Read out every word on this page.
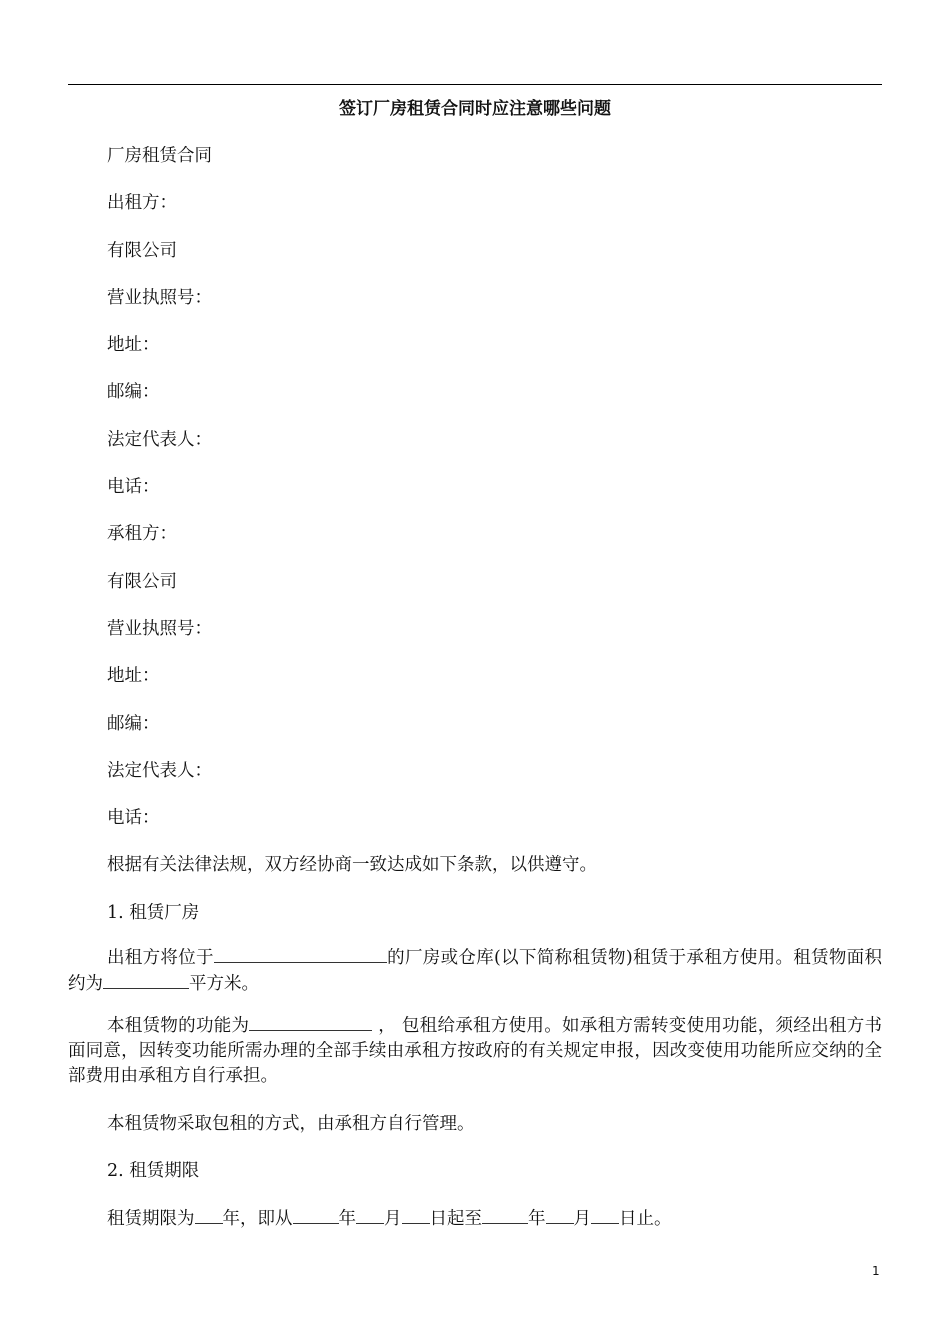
签订厂房租赁合同时应注意哪些问题

厂房租赁合同

出租方：

有限公司

营业执照号：

地址：

邮编：

法定代表人：

电话：

承租方：

有限公司

营业执照号：

地址：

邮编：

法定代表人：

电话：

根据有关法律法规，双方经协商一致达成如下条款，以供遵守。

1. 租赁厂房

出租方将位于	的厂房或仓库(以下简称租赁物)租赁于承租方使用。租赁物面积约为	平方米。

本租赁物的功能为	， 包租给承租方使用。如承租方需转变使用功能，须经出租方书面同意，因转变功能所需办理的全部手续由承租方按政府的有关规定申报，因改变使用功能所应交纳的全部费用由承租方自行承担。

本租赁物采取包租的方式，由承租方自行管理。

2. 租赁期限

租赁期限为 年，即从	年 月 日起至	年 月 日止。

1
